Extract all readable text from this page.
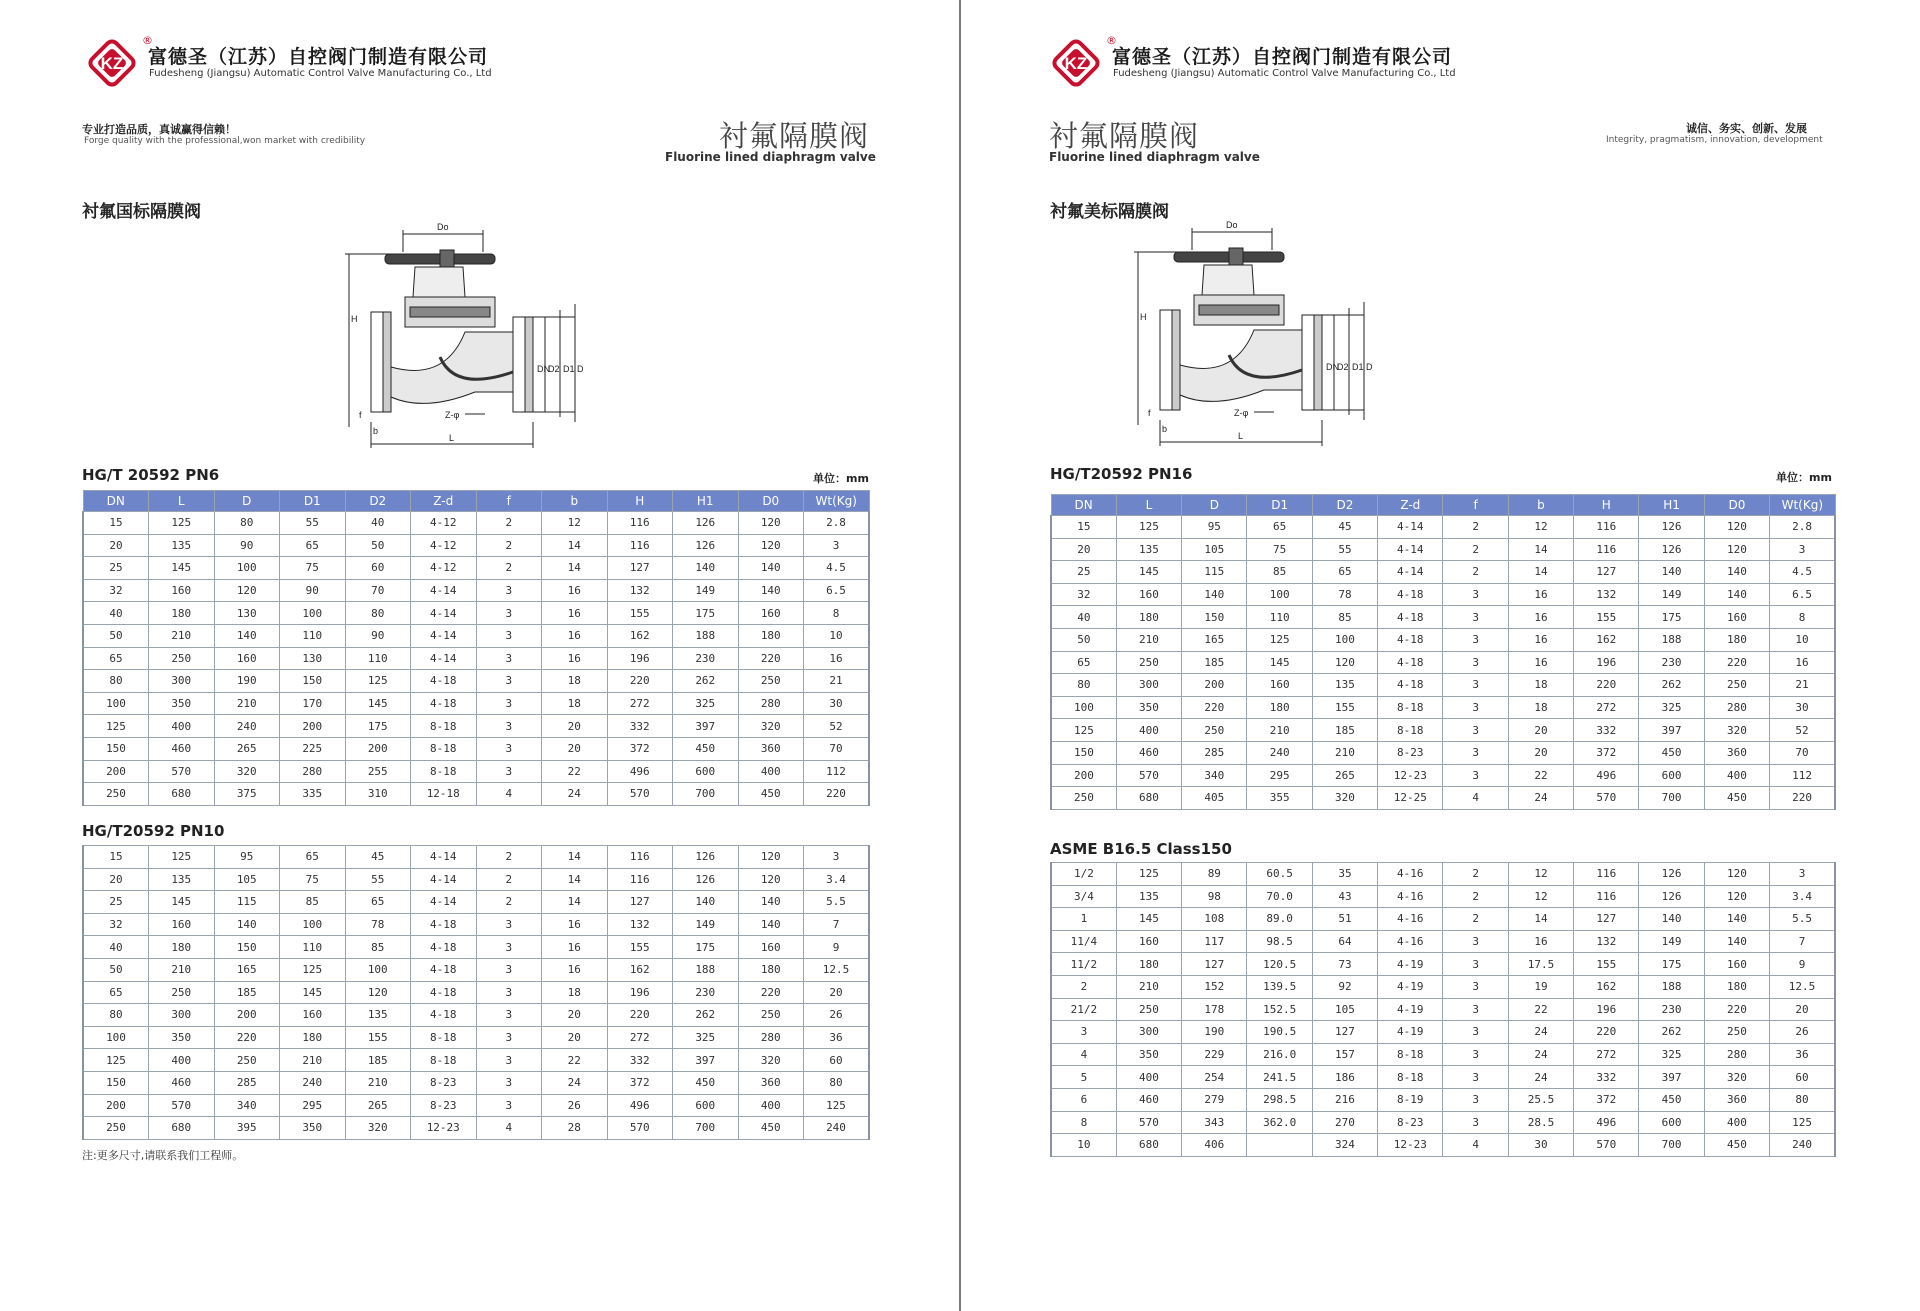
KZ
®
富德圣（江苏）自控阀门制造有限公司
Fudesheng (Jiangsu) Automatic Control Valve Manufacturing Co., Ltd
专业打造品质，真诚赢得信赖！
Forge quality with the professional,won market with credibility	衬氟隔膜阀
Fluorine lined diaphragm valve
衬氟国标隔膜阀
Do
H
DN
D2 D1 D
Z-φ
f
b
L
HG/T 20592 PN6	单位：mm
DN	L	D	D1	D2	Z-d	f	b	H	H1	D0	Wt(Kg)
15	125	80	55	40	4-12	2	12	116	126	120	2.8
20	135	90	65	50	4-12	2	14	116	126	120	3
25	145	100	75	60	4-12	2	14	127	140	140	4.5
32	160	120	90	70	4-14	3	16	132	149	140	6.5
40	180	130	100	80	4-14	3	16	155	175	160	8
50	210	140	110	90	4-14	3	16	162	188	180	10
65	250	160	130	110	4-14	3	16	196	230	220	16
80	300	190	150	125	4-18	3	18	220	262	250	21
100	350	210	170	145	4-18	3	18	272	325	280	30
125	400	240	200	175	8-18	3	20	332	397	320	52
150	460	265	225	200	8-18	3	20	372	450	360	70
200	570	320	280	255	8-18	3	22	496	600	400	112
250	680	375	335	310	12-18	4	24	570	700	450	220
HG/T20592 PN10
15	125	95	65	45	4-14	2	14	116	126	120	3
20	135	105	75	55	4-14	2	14	116	126	120	3.4
25	145	115	85	65	4-14	2	14	127	140	140	5.5
32	160	140	100	78	4-18	3	16	132	149	140	7
40	180	150	110	85	4-18	3	16	155	175	160	9
50	210	165	125	100	4-18	3	16	162	188	180	12.5
65	250	185	145	120	4-18	3	18	196	230	220	20
80	300	200	160	135	4-18	3	20	220	262	250	26
100	350	220	180	155	8-18	3	20	272	325	280	36
125	400	250	210	185	8-18	3	22	332	397	320	60
150	460	285	240	210	8-23	3	24	372	450	360	80
200	570	340	295	265	8-23	3	26	496	600	400	125
250	680	395	350	320	12-23	4	28	570	700	450	240
注:更多尺寸,请联系我们工程师。
KZ
®
富德圣（江苏）自控阀门制造有限公司
Fudesheng (Jiangsu) Automatic Control Valve Manufacturing Co., Ltd
衬氟隔膜阀
Fluorine lined diaphragm valve
诚信、务实、创新、发展
Integrity, pragmatism, innovation, development
衬氟美标隔膜阀
Do
H
DN
D2 D1 D
Z-φ
f
b
L
HG/T20592 PN16	单位：mm
DN	L	D	D1	D2	Z-d	f	b	H	H1	D0	Wt(Kg)
15	125	95	65	45	4-14	2	12	116	126	120	2.8
20	135	105	75	55	4-14	2	14	116	126	120	3
25	145	115	85	65	4-14	2	14	127	140	140	4.5
32	160	140	100	78	4-18	3	16	132	149	140	6.5
40	180	150	110	85	4-18	3	16	155	175	160	8
50	210	165	125	100	4-18	3	16	162	188	180	10
65	250	185	145	120	4-18	3	16	196	230	220	16
80	300	200	160	135	4-18	3	18	220	262	250	21
100	350	220	180	155	8-18	3	18	272	325	280	30
125	400	250	210	185	8-18	3	20	332	397	320	52
150	460	285	240	210	8-23	3	20	372	450	360	70
200	570	340	295	265	12-23	3	22	496	600	400	112
250	680	405	355	320	12-25	4	24	570	700	450	220
ASME B16.5 Class150
1/2	125	89	60.5	35	4-16	2	12	116	126	120	3
3/4	135	98	70.0	43	4-16	2	12	116	126	120	3.4
1	145	108	89.0	51	4-16	2	14	127	140	140	5.5
11/4	160	117	98.5	64	4-16	3	16	132	149	140	7
11/2	180	127	120.5	73	4-19	3	17.5	155	175	160	9
2	210	152	139.5	92	4-19	3	19	162	188	180	12.5
21/2	250	178	152.5	105	4-19	3	22	196	230	220	20
3	300	190	190.5	127	4-19	3	24	220	262	250	26
4	350	229	216.0	157	8-18	3	24	272	325	280	36
5	400	254	241.5	186	8-18	3	24	332	397	320	60
6	460	279	298.5	216	8-19	3	25.5	372	450	360	80
8	570	343	362.0	270	8-23	3	28.5	496	600	400	125
10	680	406		324	12-23	4	30	570	700	450	240
